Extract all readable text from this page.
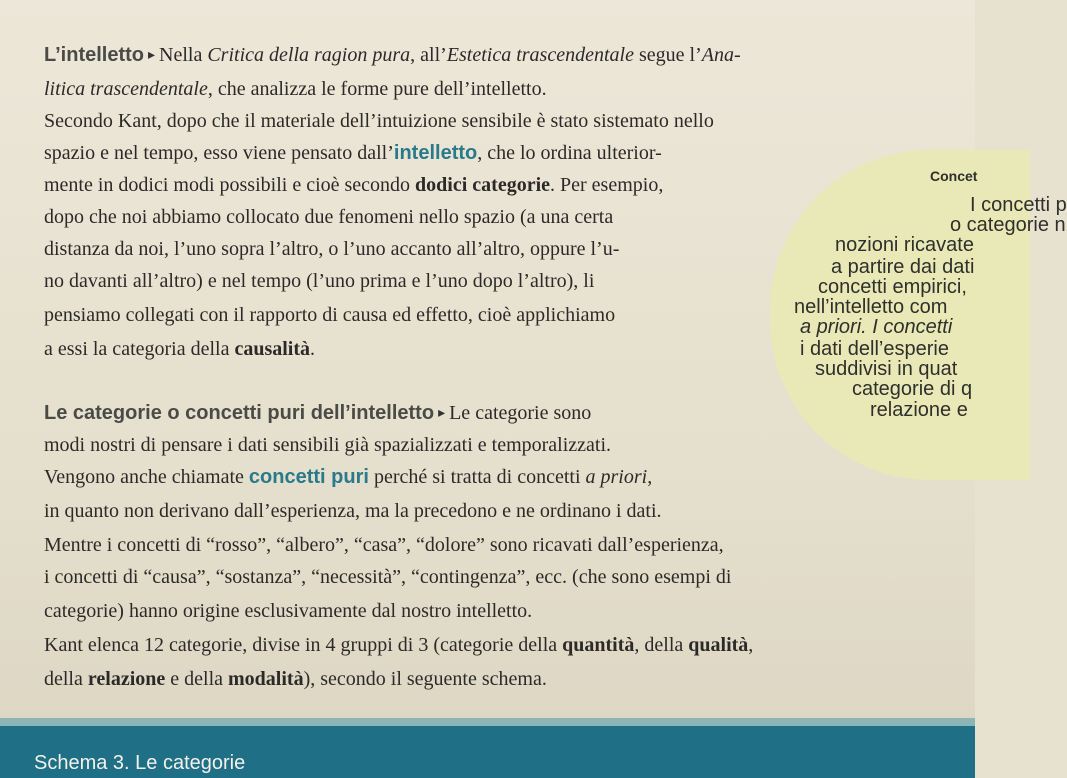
Concet
I concetti p
o categorie n
nozioni ricavate
a partire dai dati
concetti empirici,
nell’intelletto com
a priori. I concetti
i dati dell’esperie
suddivisi in quat
categorie di q
relazione e
L’intelletto ▸ Nella Critica della ragion pura, all’Estetica trascendentale segue l’Ana-
litica trascendentale, che analizza le forme pure dell’intelletto.
Secondo Kant, dopo che il materiale dell’intuizione sensibile è stato sistemato nello
spazio e nel tempo, esso viene pensato dall’intelletto, che lo ordina ulterior-
mente in dodici modi possibili e cioè secondo dodici categorie. Per esempio,
dopo che noi abbiamo collocato due fenomeni nello spazio (a una certa
distanza da noi, l’uno sopra l’altro, o l’uno accanto all’altro, oppure l’u-
no davanti all’altro) e nel tempo (l’uno prima e l’uno dopo l’altro), li
pensiamo collegati con il rapporto di causa ed effetto, cioè applichiamo
a essi la categoria della causalità.
Le categorie o concetti puri dell’intelletto ▸ Le categorie sono
modi nostri di pensare i dati sensibili già spazializzati e temporalizzati.
Vengono anche chiamate concetti puri perché si tratta di concetti a priori,
in quanto non derivano dall’esperienza, ma la precedono e ne ordinano i dati.
Mentre i concetti di “rosso”, “albero”, “casa”, “dolore” sono ricavati dall’esperienza,
i concetti di “causa”, “sostanza”, “necessità”, “contingenza”, ecc. (che sono esempi di
categorie) hanno origine esclusivamente dal nostro intelletto.
Kant elenca 12 categorie, divise in 4 gruppi di 3 (categorie della quantità, della qualità,
della relazione e della modalità), secondo il seguente schema.
Schema 3. Le categorie
